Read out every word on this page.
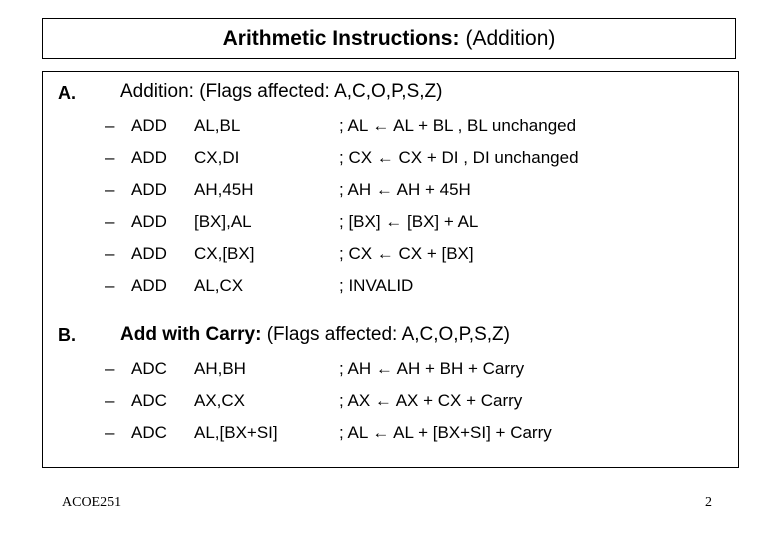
Arithmetic Instructions: (Addition)
A. Addition: (Flags affected: A,C,O,P,S,Z)
– ADD AL,BL	; AL ← AL + BL , BL unchanged
– ADD CX,DI	; CX ← CX + DI , DI unchanged
– ADD AH,45H	; AH ← AH + 45H
– ADD [BX],AL	; [BX] ← [BX] + AL
– ADD CX,[BX]	; CX ← CX + [BX]
– ADD AL,CX	; INVALID
B. Add with Carry: (Flags affected: A,C,O,P,S,Z)
– ADC AH,BH	; AH ← AH + BH + Carry
– ADC AX,CX	; AX ← AX + CX + Carry
– ADC AL,[BX+SI]	; AL ← AL + [BX+SI] + Carry
ACOE251	2
